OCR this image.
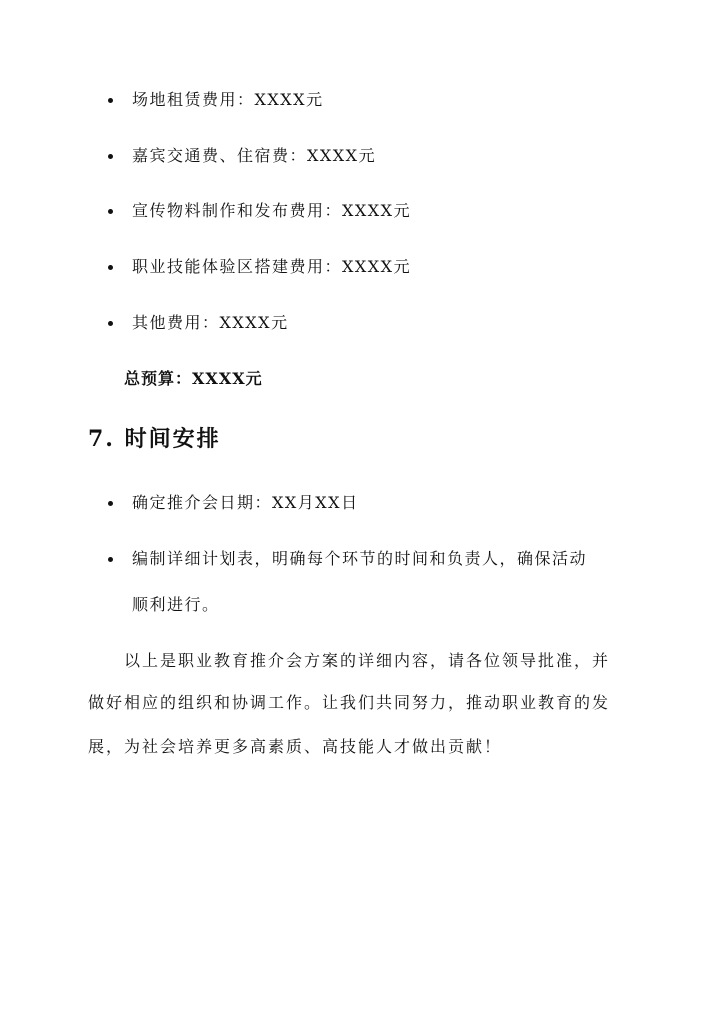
场地租赁费用：XXXX元
嘉宾交通费、住宿费：XXXX元
宣传物料制作和发布费用：XXXX元
职业技能体验区搭建费用：XXXX元
其他费用：XXXX元
总预算：XXXX元
7. 时间安排
确定推介会日期：XX月XX日
编制详细计划表，明确每个环节的时间和负责人，确保活动
顺利进行。
以上是职业教育推介会方案的详细内容，请各位领导批准，并
做好相应的组织和协调工作。让我们共同努力，推动职业教育的发
展，为社会培养更多高素质、高技能人才做出贡献！
